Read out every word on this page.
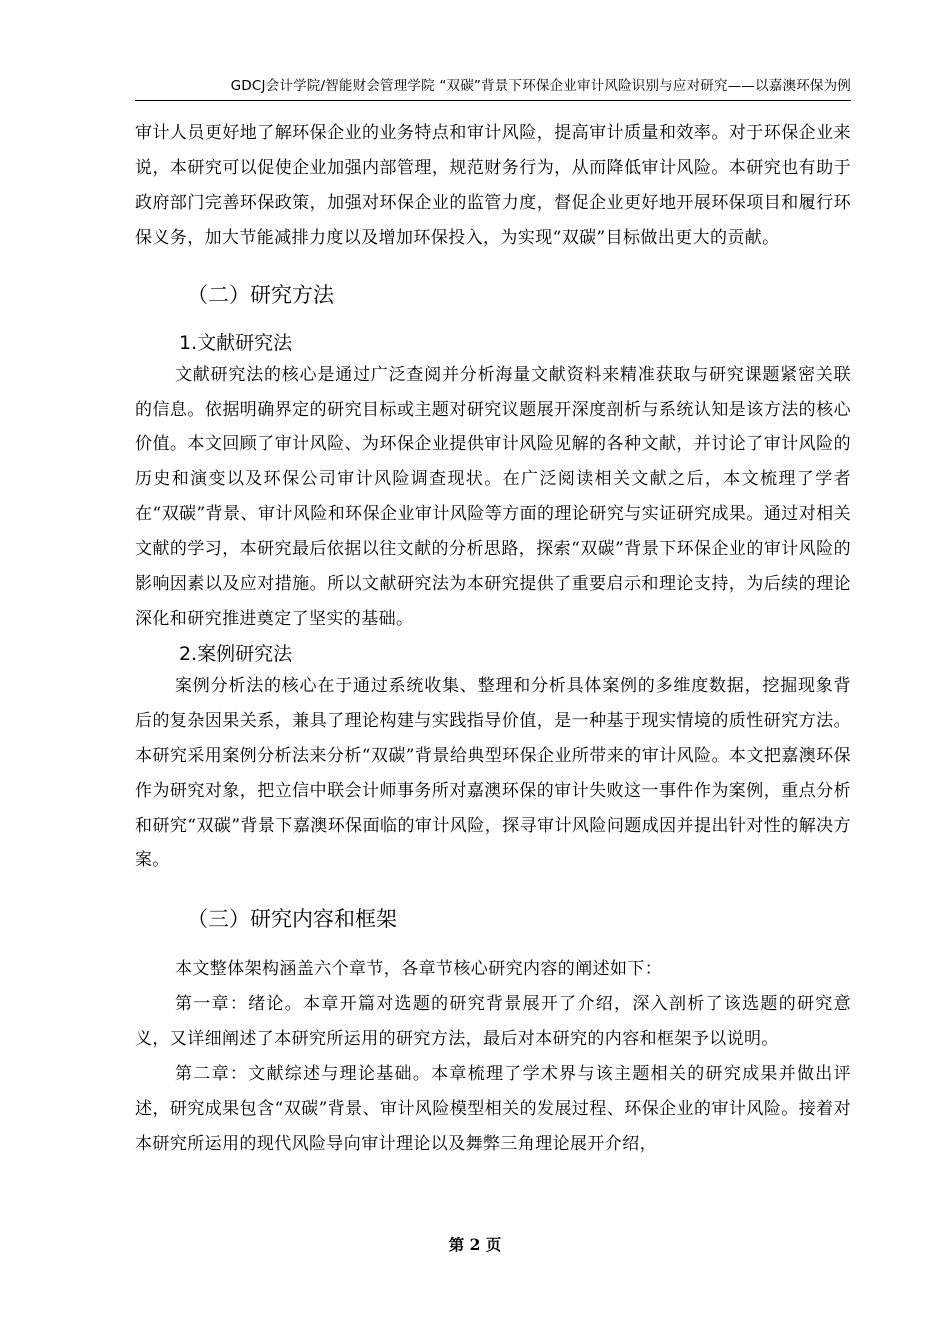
GDCJ会计学院/智能财会管理学院 “双碳”背景下环保企业审计风险识别与应对研究——以嘉澳环保为例

审计人员更好地了解环保企业的业务特点和审计风险，提高审计质量和效率。对于环保企业来说，本研究可以促使企业加强内部管理，规范财务行为，从而降低审计风险。本研究也有助于政府部门完善环保政策，加强对环保企业的监管力度，督促企业更好地开展环保项目和履行环保义务，加大节能减排力度以及增加环保投入，为实现“双碳”目标做出更大的贡献。

（二）研究方法
1.文献研究法

文献研究法的核心是通过广泛查阅并分析海量文献资料来精准获取与研究课题紧密关联的信息。依据明确界定的研究目标或主题对研究议题展开深度剖析与系统认知是该方法的核心价值。本文回顾了审计风险、为环保企业提供审计风险见解的各种文献，并讨论了审计风险的历史和演变以及环保公司审计风险调查现状。在广泛阅读相关文献之后，本文梳理了学者在“双碳”背景、审计风险和环保企业审计风险等方面的理论研究与实证研究成果。通过对相关文献的学习，本研究最后依据以往文献的分析思路，探索“双碳”背景下环保企业的审计风险的影响因素以及应对措施。所以文献研究法为本研究提供了重要启示和理论支持，为后续的理论深化和研究推进奠定了坚实的基础。

2.案例研究法

案例分析法的核心在于通过系统收集、整理和分析具体案例的多维度数据，挖掘现象背后的复杂因果关系，兼具了理论构建与实践指导价值，是一种基于现实情境的质性研究方法。本研究采用案例分析法来分析“双碳”背景给典型环保企业所带来的审计风险。本文把嘉澳环保作为研究对象，把立信中联会计师事务所对嘉澳环保的审计失败这一事件作为案例，重点分析和研究“双碳”背景下嘉澳环保面临的审计风险，探寻审计风险问题成因并提出针对性的解决方案。

（三）研究内容和框架

本文整体架构涵盖六个章节，各章节核心研究内容的阐述如下：

第一章：绪论。本章开篇对选题的研究背景展开了介绍，深入剖析了该选题的研究意义，又详细阐述了本研究所运用的研究方法，最后对本研究的内容和框架予以说明。

第二章：文献综述与理论基础。本章梳理了学术界与该主题相关的研究成果并做出评述，研究成果包含“双碳”背景、审计风险模型相关的发展过程、环保企业的审计风险。接着对本研究所运用的现代风险导向审计理论以及舞弊三角理论展开介绍，

第 2 页
